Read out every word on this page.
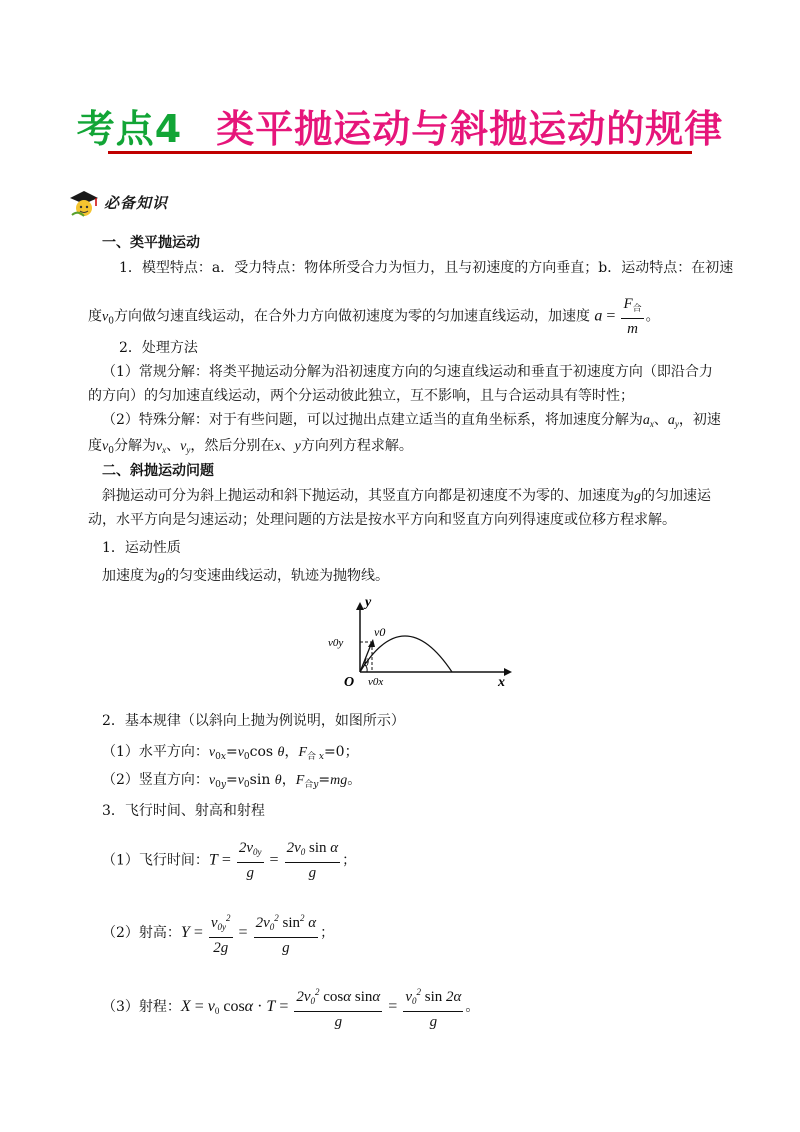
考点4 类平抛运动与斜抛运动的规律
必备知识
一、类平抛运动
1．模型特点：a．受力特点：物体所受合力为恒力，且与初速度的方向垂直；b．运动特点：在初速
度$v_0$方向做匀速直线运动，在合外力方向做初速度为零的匀加速直线运动，加速度 $a = \frac{F_合}{m}$ 。
2．处理方法
（1）常规分解：将类平抛运动分解为沿初速度方向的匀速直线运动和垂直于初速度方向（即沿合力
的方向）的匀加速直线运动，两个分运动彼此独立，互不影响，且与合运动具有等时性；
（2）特殊分解：对于有些问题，可以过抛出点建立适当的直角坐标系，将加速度分解为$a_x$、$a_y$，初速
度$v_0$分解为$v_x$、$v_y$，然后分别在x、y方向列方程求解。
二、斜抛运动问题
斜抛运动可分为斜上抛运动和斜下抛运动，其竖直方向都是初速度不为零的、加速度为g的匀加速运
动，水平方向是匀速运动；处理问题的方法是按水平方向和竖直方向列得速度或位移方程求解。
1．运动性质
加速度为g的匀变速曲线运动，轨迹为抛物线。
y
x
O
v0
v0y
v0x
θ
2．基本规律（以斜向上抛为例说明，如图所示）
（1）水平方向：$v_{0x}=v_0\cos$ θ，$F_{合 x}=0$；
（2）竖直方向：$v_{0y}=v_0\sin$ θ，$F_{合y}=mg$。
3．飞行时间、射高和射程
（1）飞行时间：$T = \frac{2v_{0y}}{g} = \frac{2v_0 \sin \alpha}{g}$ ；
（2）射高：$Y = \frac{v_{0y}^2}{2g} = \frac{2v_0^2 \sin^2 \alpha}{g}$ ；
（3）射程：$X = v_0$ $\cos\alpha \cdot T = \frac{2v_0^2 \cos\alpha \sin\alpha}{g} = \frac{v_0^2 \sin 2\alpha}{g}$ 。
